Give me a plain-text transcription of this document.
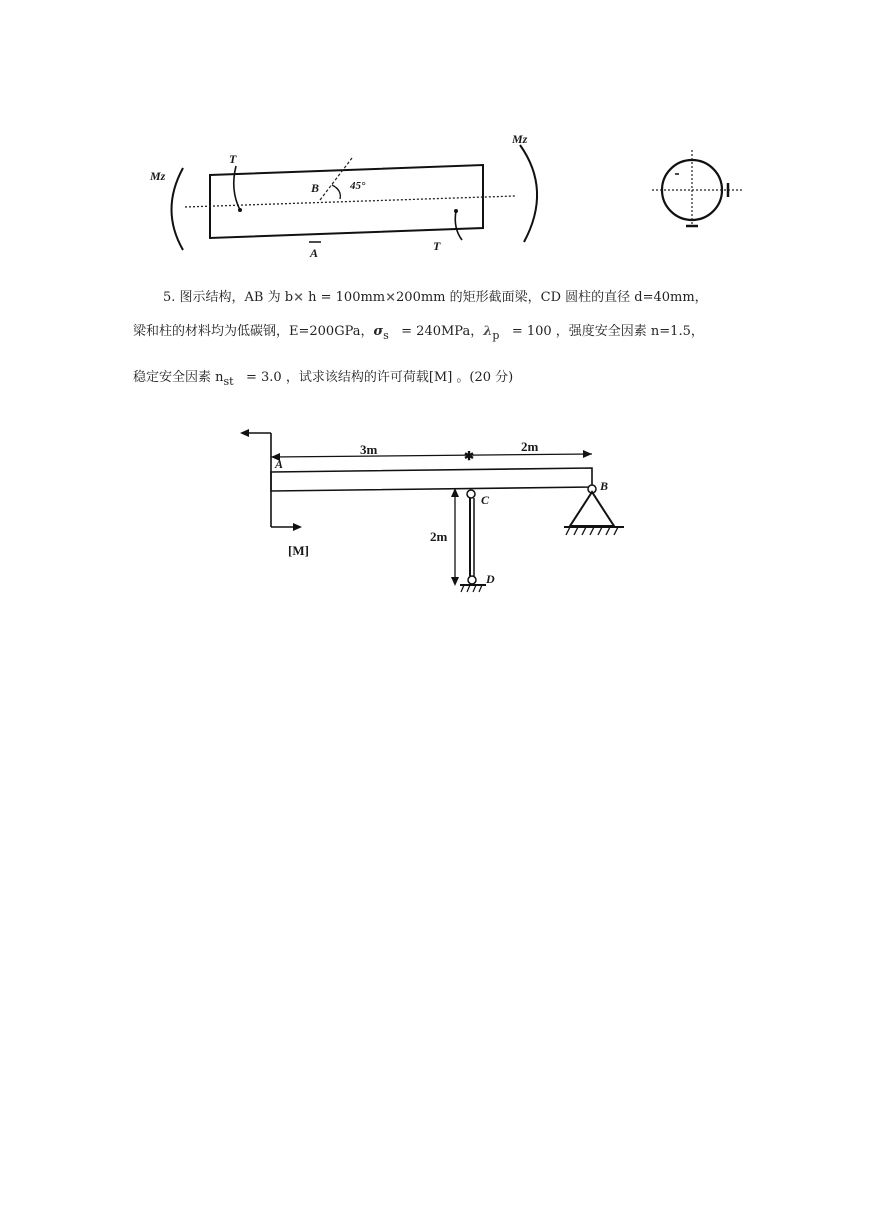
Mz
Mz
45°
B
T
T
A
5. 图示结构，AB 为 b× h = 100mm×200mm 的矩形截面梁，CD 圆柱的直径 d=40mm，
梁和柱的材料均为低碳钢，E=200GPa，$\sigma_s = 240MPa$，$\lambda_p = 100$ ，强度安全因素 n=1.5，
稳定安全因素 $n_{st} = 3.0$ ，试求该结构的许可荷载[M] 。(20 分)
[M]
✱
3m	2m
A
B
C
D
2m
